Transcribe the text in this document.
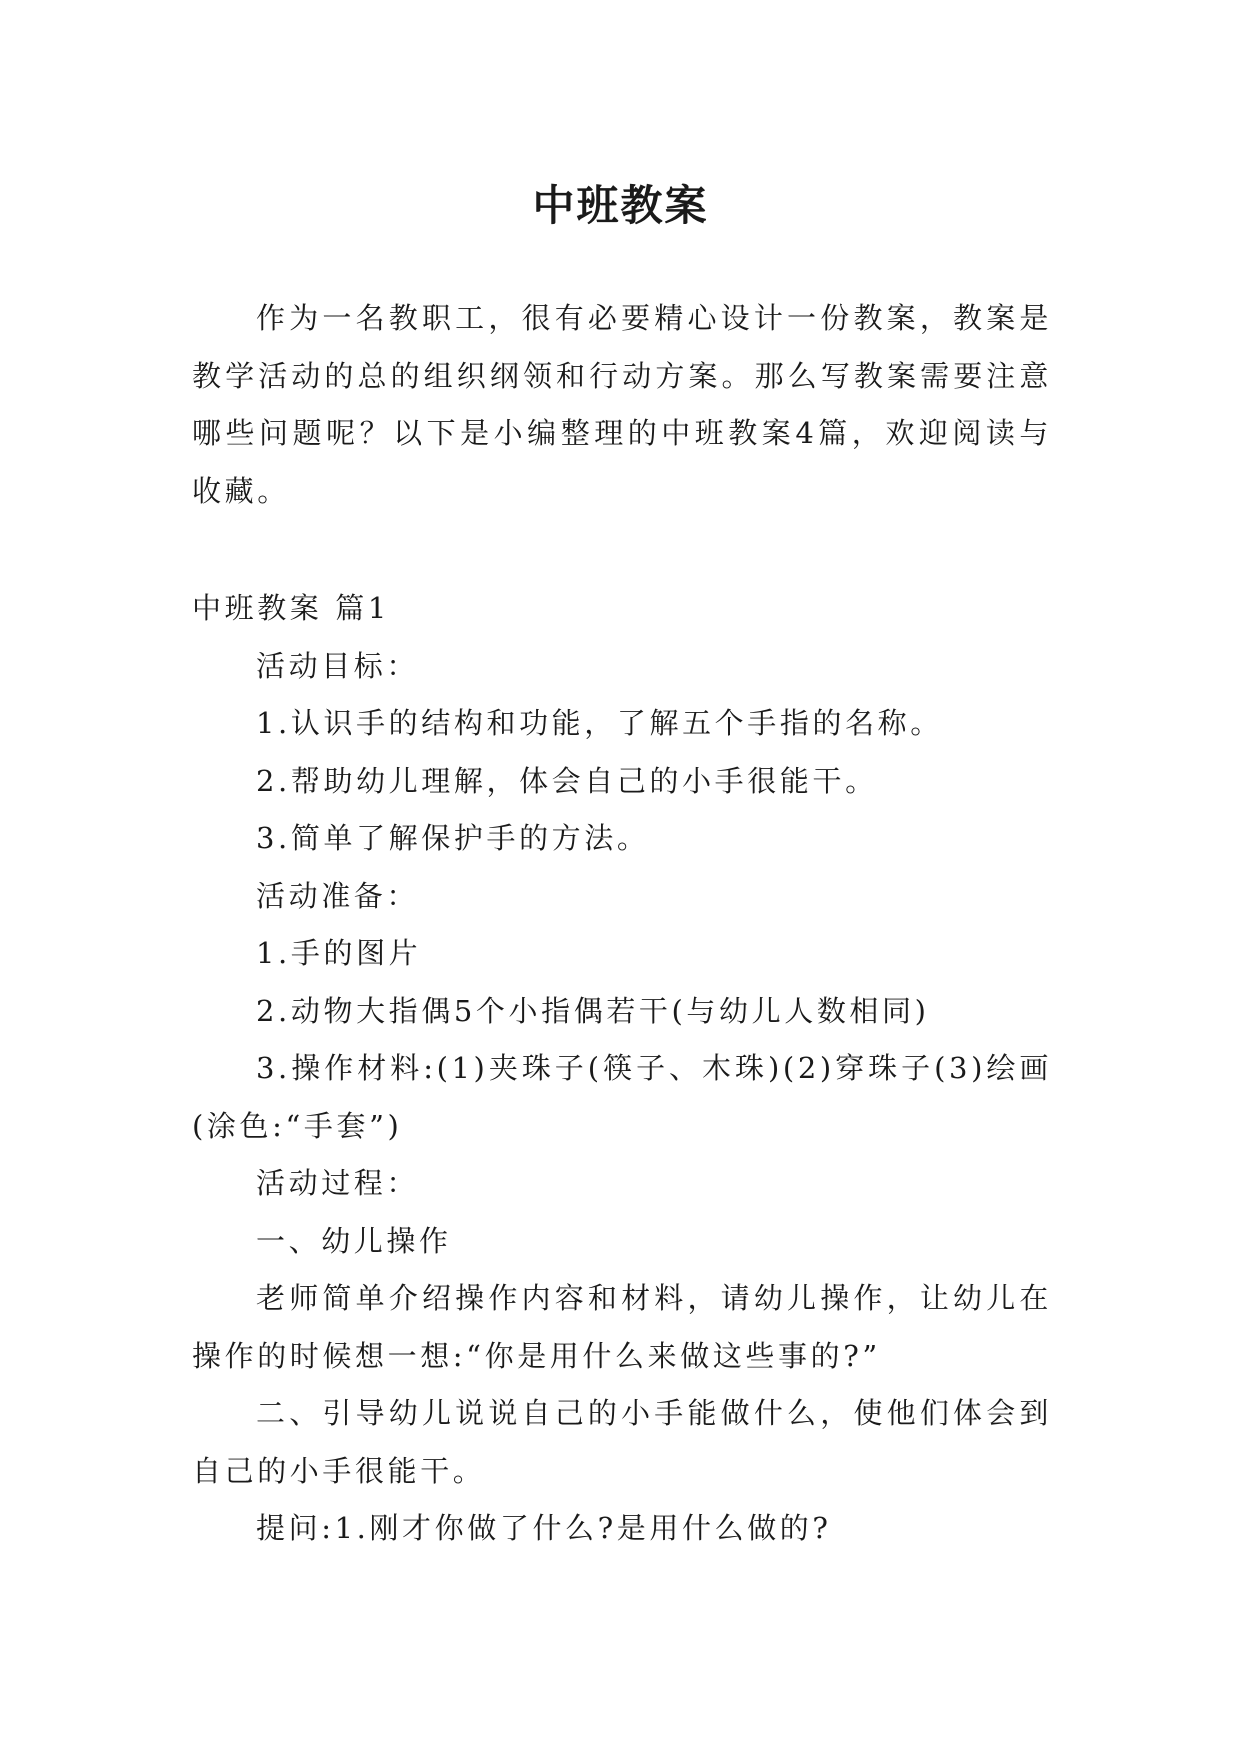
中班教案

作为一名教职工，很有必要精心设计一份教案，教案是教学活动的总的组织纲领和行动方案。那么写教案需要注意哪些问题呢？以下是小编整理的中班教案4篇，欢迎阅读与收藏。

中班教案 篇1

活动目标：

1.认识手的结构和功能，了解五个手指的名称。

2.帮助幼儿理解，体会自己的小手很能干。

3.简单了解保护手的方法。

活动准备：

1.手的图片

2.动物大指偶5个小指偶若干(与幼儿人数相同)

3.操作材料:(1)夹珠子(筷子、木珠)(2)穿珠子(3)绘画(涂色:“手套”)

活动过程：

一、幼儿操作

老师简单介绍操作内容和材料，请幼儿操作，让幼儿在操作的时候想一想:“你是用什么来做这些事的?”

二、引导幼儿说说自己的小手能做什么，使他们体会到自己的小手很能干。

提问:1.刚才你做了什么?是用什么做的?
